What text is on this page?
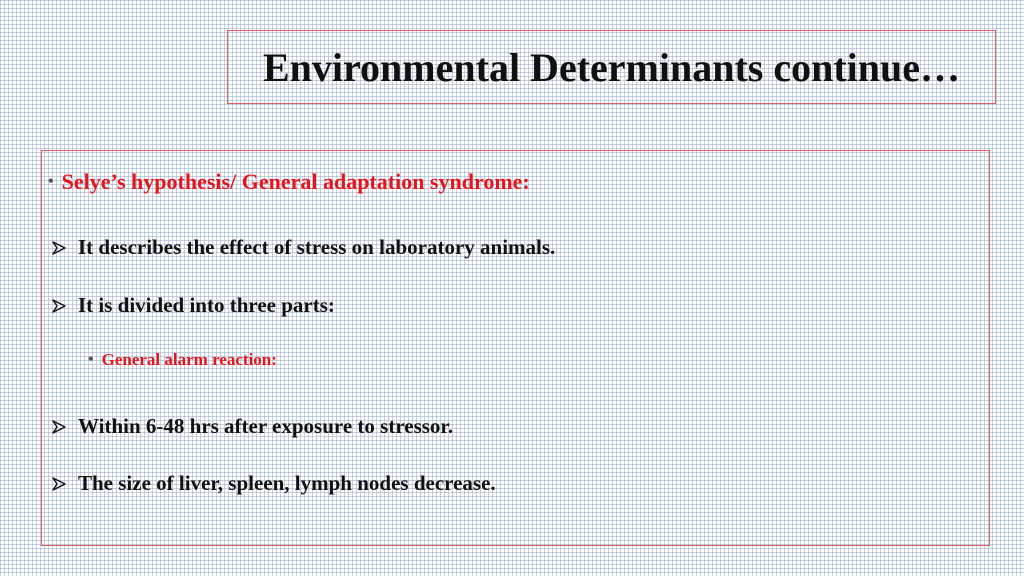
Environmental Determinants continue…
• Selye’s hypothesis/ General adaptation syndrome:
It describes the effect of stress on laboratory animals.
It is divided into three parts:
• General alarm reaction:
Within 6-48 hrs after exposure to stressor.
The size of liver, spleen, lymph nodes decrease.
